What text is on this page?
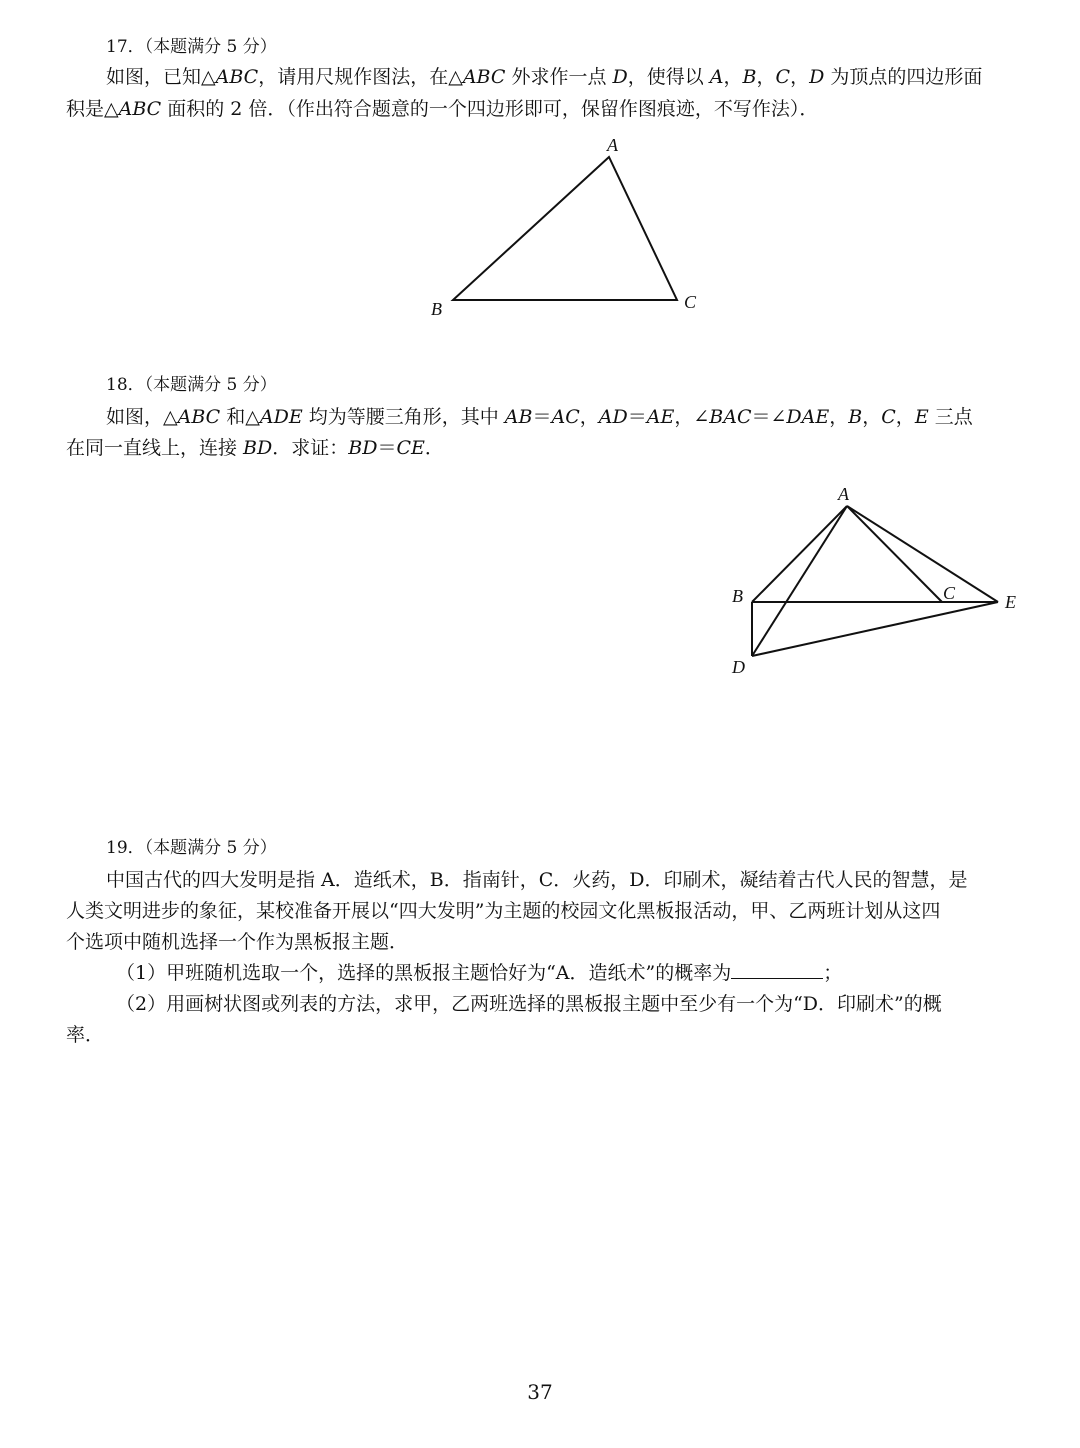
17．（本题满分 5 分）
如图，已知△ABC，请用尺规作图法，在△ABC 外求作一点 D，使得以 A，B，C，D 为顶点的四边形面
积是△ABC 面积的 2 倍．（作出符合题意的一个四边形即可，保留作图痕迹，不写作法）．
A
B	C
18．（本题满分 5 分）
如图，△ABC 和△ADE 均为等腰三角形，其中 AB＝AC，AD＝AE，∠BAC＝∠DAE，B，C，E 三点
在同一直线上，连接 BD．求证：BD＝CE．
A
B	C
D
E
19．（本题满分 5 分）
中国古代的四大发明是指 A．造纸术，B．指南针，C．火药，D．印刷术，凝结着古代人民的智慧，是
人类文明进步的象征，某校准备开展以“四大发明”为主题的校园文化黑板报活动，甲、乙两班计划从这四
个选项中随机选择一个作为黑板报主题．
（1）甲班随机选取一个，选择的黑板报主题恰好为“A．造纸术”的概率为	；
（2）用画树状图或列表的方法，求甲，乙两班选择的黑板报主题中至少有一个为“D．印刷术”的概
率．
37
